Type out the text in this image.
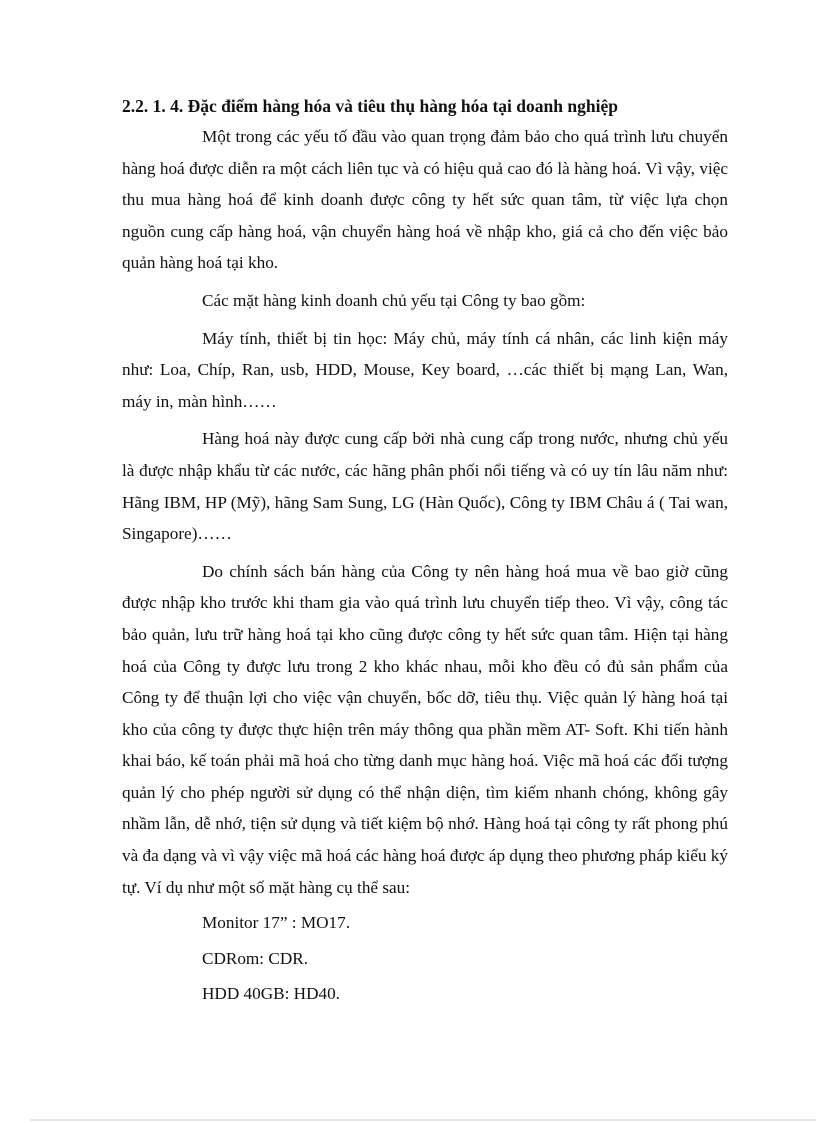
2.2. 1. 4. Đặc điểm hàng hóa và tiêu thụ hàng hóa tại doanh nghiệp

Một trong các yếu tố đầu vào quan trọng đảm bảo cho quá trình lưu chuyển hàng hoá được diễn ra một cách liên tục và có hiệu quả cao đó là hàng hoá. Vì vậy, việc thu mua hàng hoá để kinh doanh được công ty hết sức quan tâm, từ việc lựa chọn nguồn cung cấp hàng hoá, vận chuyển hàng hoá về nhập kho, giá cả cho đến việc bảo quản hàng hoá tại kho.

Các mặt hàng kinh doanh chủ yếu tại Công ty bao gồm:

Máy tính, thiết bị tin học: Máy chủ, máy tính cá nhân, các linh kiện máy như: Loa, Chíp, Ran, usb, HDD, Mouse, Key board, …các thiết bị mạng Lan, Wan, máy in, màn hình……

Hàng hoá này được cung cấp bởi nhà cung cấp trong nước, nhưng chủ yếu là được nhập khẩu từ các nước, các hãng phân phối nổi tiếng và có uy tín lâu năm như: Hãng IBM, HP (Mỹ), hãng Sam Sung, LG (Hàn Quốc), Công ty IBM Châu á ( Tai wan, Singapore)……

Do chính sách bán hàng của Công ty nên hàng hoá mua về bao giờ cũng được nhập kho trước khi tham gia vào quá trình lưu chuyển tiếp theo. Vì vậy, công tác bảo quản, lưu trữ hàng hoá tại kho cũng được công ty hết sức quan tâm. Hiện tại hàng hoá của Công ty được lưu trong 2 kho khác nhau, mỗi kho đều có đủ sản phẩm của Công ty để thuận lợi cho việc vận chuyển, bốc dỡ, tiêu thụ. Việc quản lý hàng hoá tại kho của công ty được thực hiện trên máy thông qua phần mềm AT- Soft. Khi tiến hành khai báo, kế toán phải mã hoá cho từng danh mục hàng hoá. Việc mã hoá các đối tượng quản lý cho phép người sử dụng có thể nhận diện, tìm kiếm nhanh chóng, không gây nhầm lẫn, dễ nhớ, tiện sử dụng và tiết kiệm bộ nhớ. Hàng hoá tại công ty rất phong phú và đa dạng và vì vậy việc mã hoá các hàng hoá được áp dụng theo phương pháp kiểu ký tự. Ví dụ như một số mặt hàng cụ thể sau:

Monitor 17” : MO17.
CDRom: CDR.
HDD 40GB: HD40.
